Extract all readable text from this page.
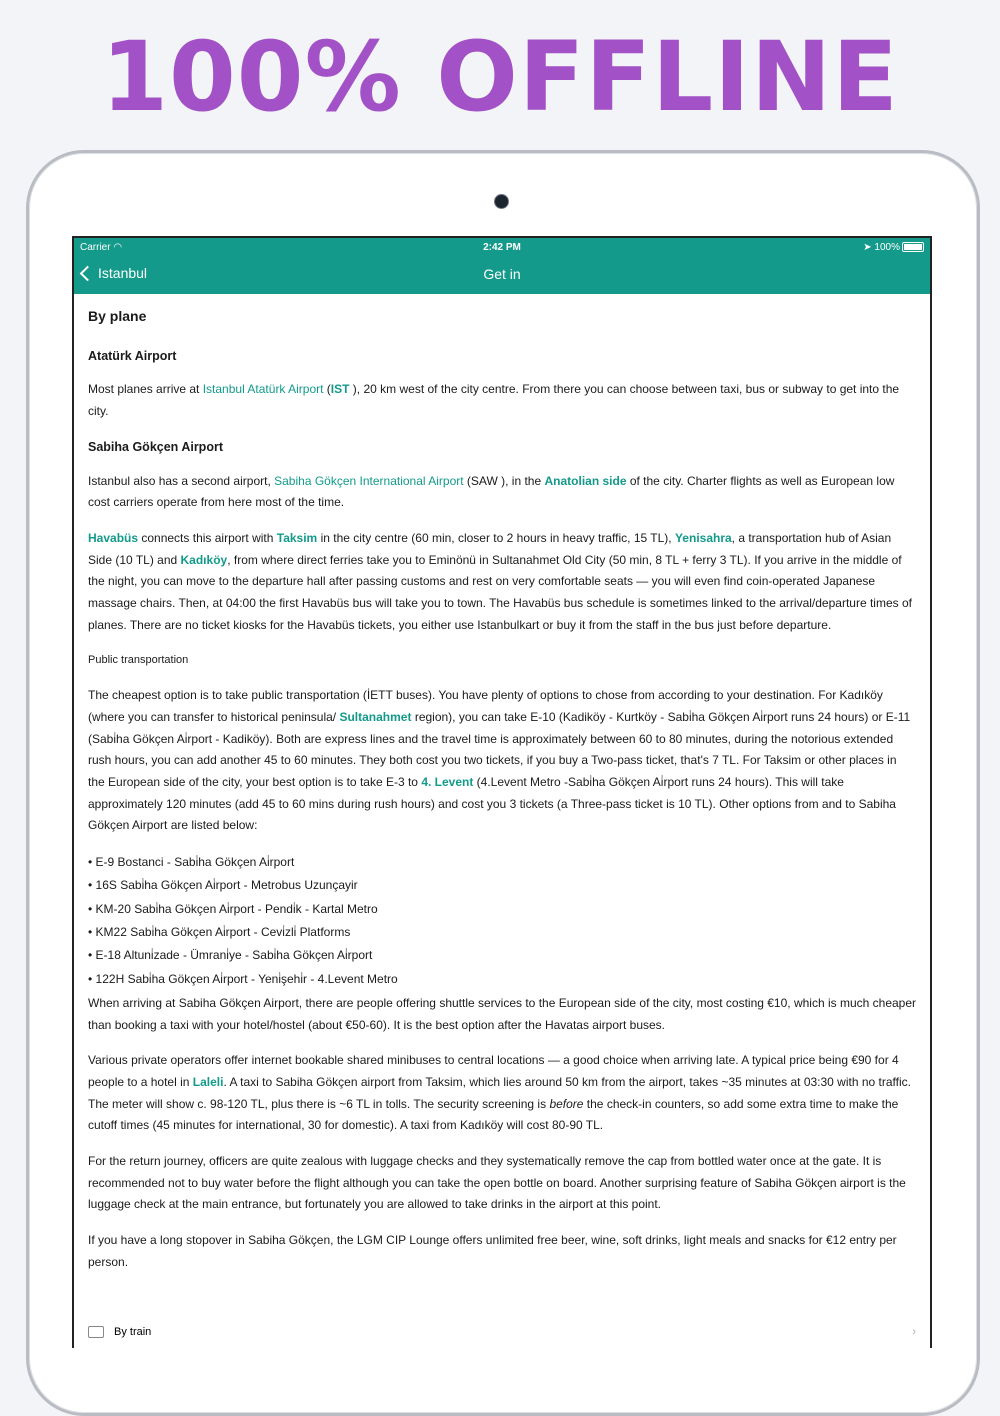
100% OFFLINE
Carrier ◠	2:42 PM	➤ 100%
Istanbul	Get in
By plane
Atatürk Airport

Most planes arrive at Istanbul Atatürk Airport (IST ), 20 km west of the city centre. From there you can choose between taxi, bus or subway to get into the city.

Sabiha Gökçen Airport

Istanbul also has a second airport, Sabiha Gökçen International Airport (SAW ), in the Anatolian side of the city. Charter flights as well as European low cost carriers operate from here most of the time.

Havabüs connects this airport with Taksim in the city centre (60 min, closer to 2 hours in heavy traffic, 15 TL), Yenisahra, a transportation hub of Asian Side (10 TL) and Kadıköy, from where direct ferries take you to Eminönü in Sultanahmet Old City (50 min, 8 TL + ferry 3 TL). If you arrive in the middle of the night, you can move to the departure hall after passing customs and rest on very comfortable seats — you will even find coin-operated Japanese massage chairs. Then, at 04:00 the first Havabüs bus will take you to town. The Havabüs bus schedule is sometimes linked to the arrival/departure times of planes. There are no ticket kiosks for the Havabüs tickets, you either use Istanbulkart or buy it from the staff in the bus just before departure.

Public transportation

The cheapest option is to take public transportation (İETT buses). You have plenty of options to chose from according to your destination. For Kadıköy (where you can transfer to historical peninsula/ Sultanahmet region), you can take E-10 (Kadiköy - Kurtköy - Sabi̇ha Gökçen Ai̇rport runs 24 hours) or E-11 (Sabi̇ha Gökçen Ai̇rport - Kadiköy). Both are express lines and the travel time is approximately between 60 to 80 minutes, during the notorious extended rush hours, you can add another 45 to 60 minutes. They both cost you two tickets, if you buy a Two-pass ticket, that's 7 TL. For Taksim or other places in the European side of the city, your best option is to take E-3 to 4. Levent (4.Levent Metro -Sabi̇ha Gökçen Ai̇rport runs 24 hours). This will take approximately 120 minutes (add 45 to 60 mins during rush hours) and cost you 3 tickets (a Three-pass ticket is 10 TL). Other options from and to Sabiha Gökçen Airport are listed below:

• E-9 Bostanci - Sabi̇ha Gökçen Ai̇rport
• 16S Sabi̇ha Gökçen Ai̇rport - Metrobus Uzunçayir
• KM-20 Sabi̇ha Gökçen Ai̇rport - Pendi̇k - Kartal Metro
• KM22 Sabi̇ha Gökçen Ai̇rport - Cevi̇zli̇ Platforms
• E-18 Altuni̇zade - Ümrani̇ye - Sabi̇ha Gökçen Ai̇rport
• 122H Sabi̇ha Gökçen Ai̇rport - Yeni̇şehi̇r - 4.Levent Metro

When arriving at Sabiha Gökçen Airport, there are people offering shuttle services to the European side of the city, most costing €10, which is much cheaper than booking a taxi with your hotel/hostel (about €50-60). It is the best option after the Havatas airport buses.

Various private operators offer internet bookable shared minibuses to central locations — a good choice when arriving late. A typical price being €90 for 4 people to a hotel in Laleli. A taxi to Sabiha Gökçen airport from Taksim, which lies around 50 km from the airport, takes ~35 minutes at 03:30 with no traffic. The meter will show c. 98-120 TL, plus there is ~6 TL in tolls. The security screening is before the check-in counters, so add some extra time to make the cutoff times (45 minutes for international, 30 for domestic). A taxi from Kadıköy will cost 80-90 TL.

For the return journey, officers are quite zealous with luggage checks and they systematically remove the cap from bottled water once at the gate. It is recommended not to buy water before the flight although you can take the open bottle on board. Another surprising feature of Sabiha Gökçen airport is the luggage check at the main entrance, but fortunately you are allowed to take drinks in the airport at this point.

If you have a long stopover in Sabiha Gökçen, the LGM CIP Lounge offers unlimited free beer, wine, soft drinks, light meals and snacks for €12 entry per person.

By train	›
